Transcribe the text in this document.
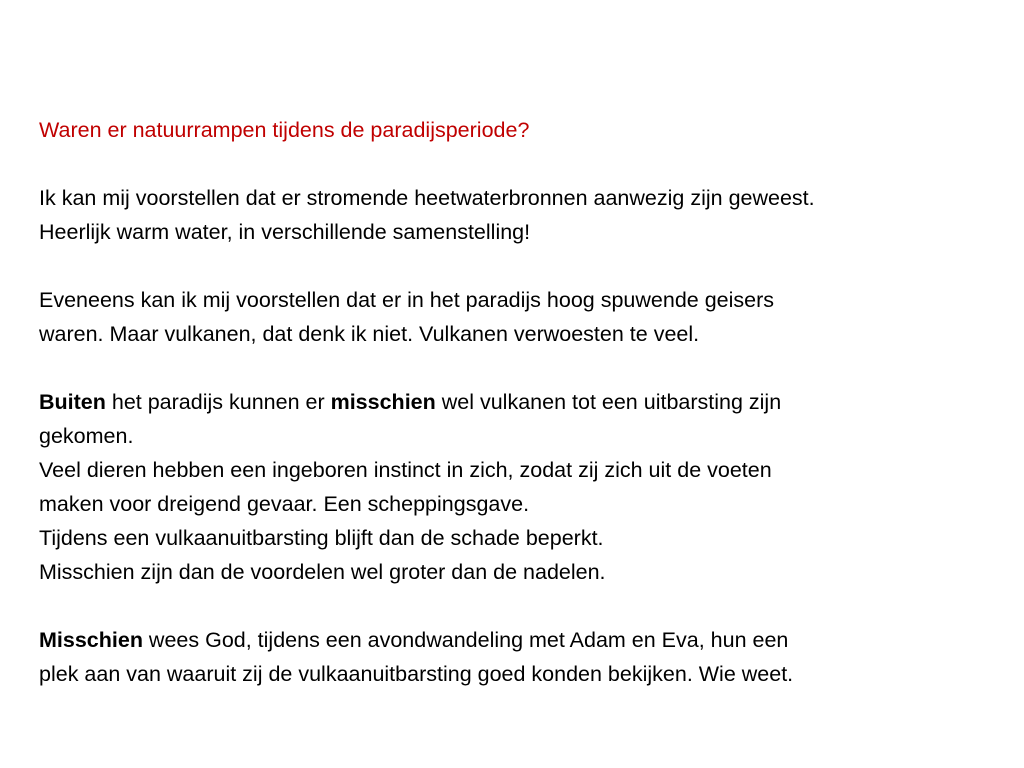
Waren er natuurrampen tijdens de paradijsperiode?
Ik kan mij voorstellen dat er stromende heetwaterbronnen aanwezig zijn geweest.
Heerlijk warm water, in verschillende samenstelling!
Eveneens kan ik mij voorstellen dat er in het paradijs hoog spuwende geisers
waren. Maar vulkanen, dat denk ik niet. Vulkanen verwoesten te veel.
Buiten het paradijs kunnen er misschien wel vulkanen tot een uitbarsting zijn
gekomen.
Veel dieren hebben een ingeboren instinct in zich, zodat zij zich uit de voeten
maken voor dreigend gevaar. Een scheppingsgave.
Tijdens een vulkaanuitbarsting blijft dan de schade beperkt.
Misschien zijn dan de voordelen wel groter dan de nadelen.
Misschien wees God, tijdens een avondwandeling met Adam en Eva, hun een
plek aan van waaruit zij de vulkaanuitbarsting goed konden bekijken. Wie weet.
